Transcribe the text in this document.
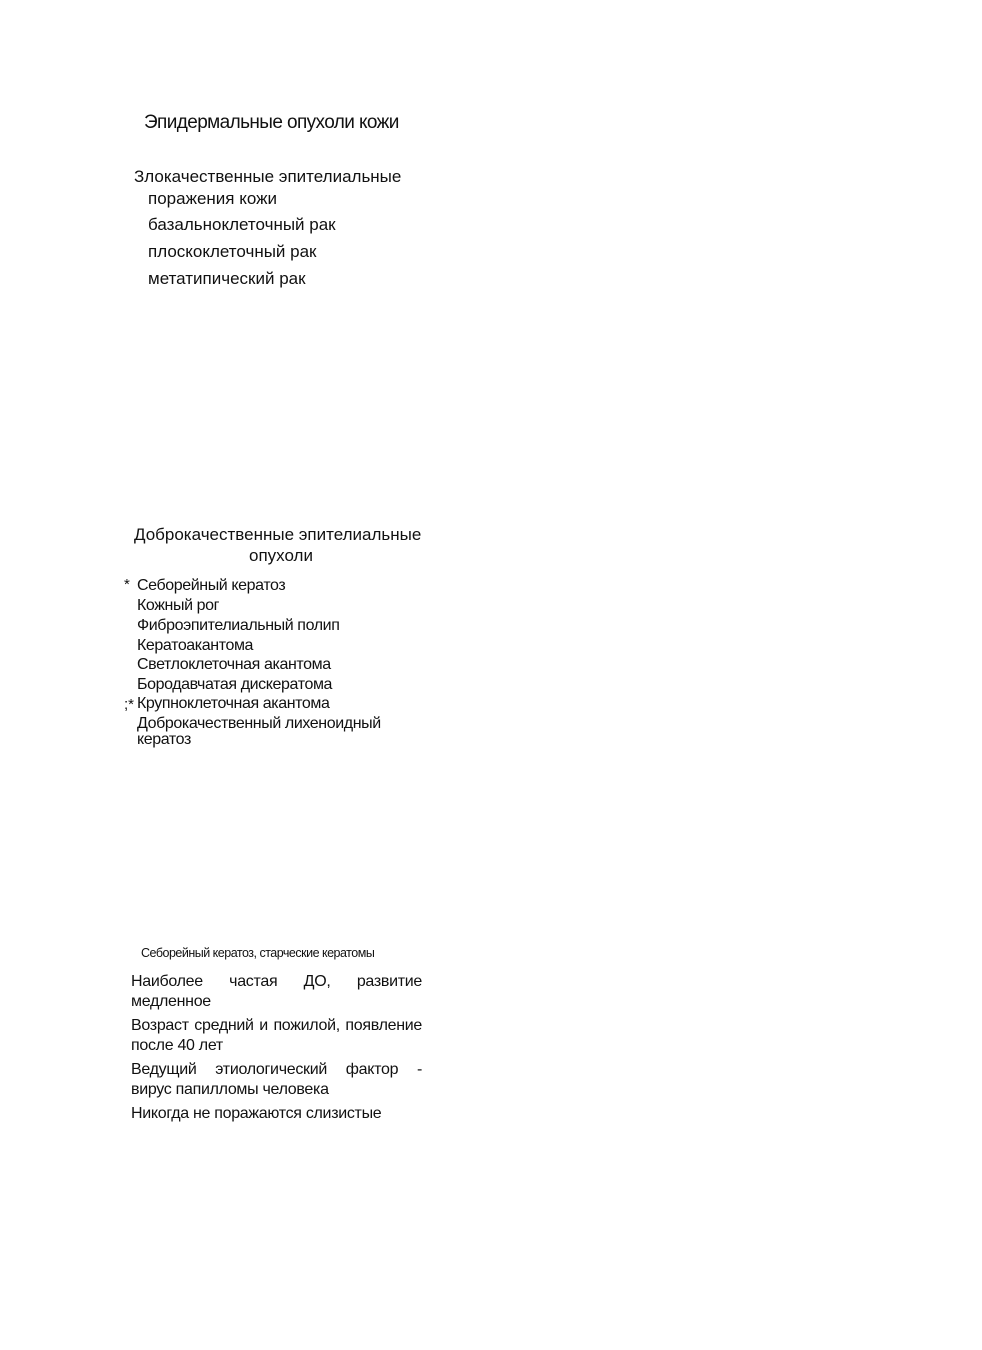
Эпидермальные опухоли кожи
Злокачественные эпителиальные
поражения кожи
базальноклеточный рак
плоскоклеточный рак
метатипический рак
Доброкачественные эпителиальные
опухоли
*
;*
Себорейный кератоз
Кожный рог
Фиброэпителиальный полип
Кератоакантома
Светлоклеточная акантома
Бородавчатая дискератома
Крупноклеточная акантома
Доброкачественный лихеноидный
кератоз
Себорейный кератоз, старческие кератомы
Наиболее частая ДО, развитие медленное
Возраст средний и пожилой, появление после 40 лет
Ведущий этиологический фактор - вирус папилломы человека
Никогда не поражаются слизистые
